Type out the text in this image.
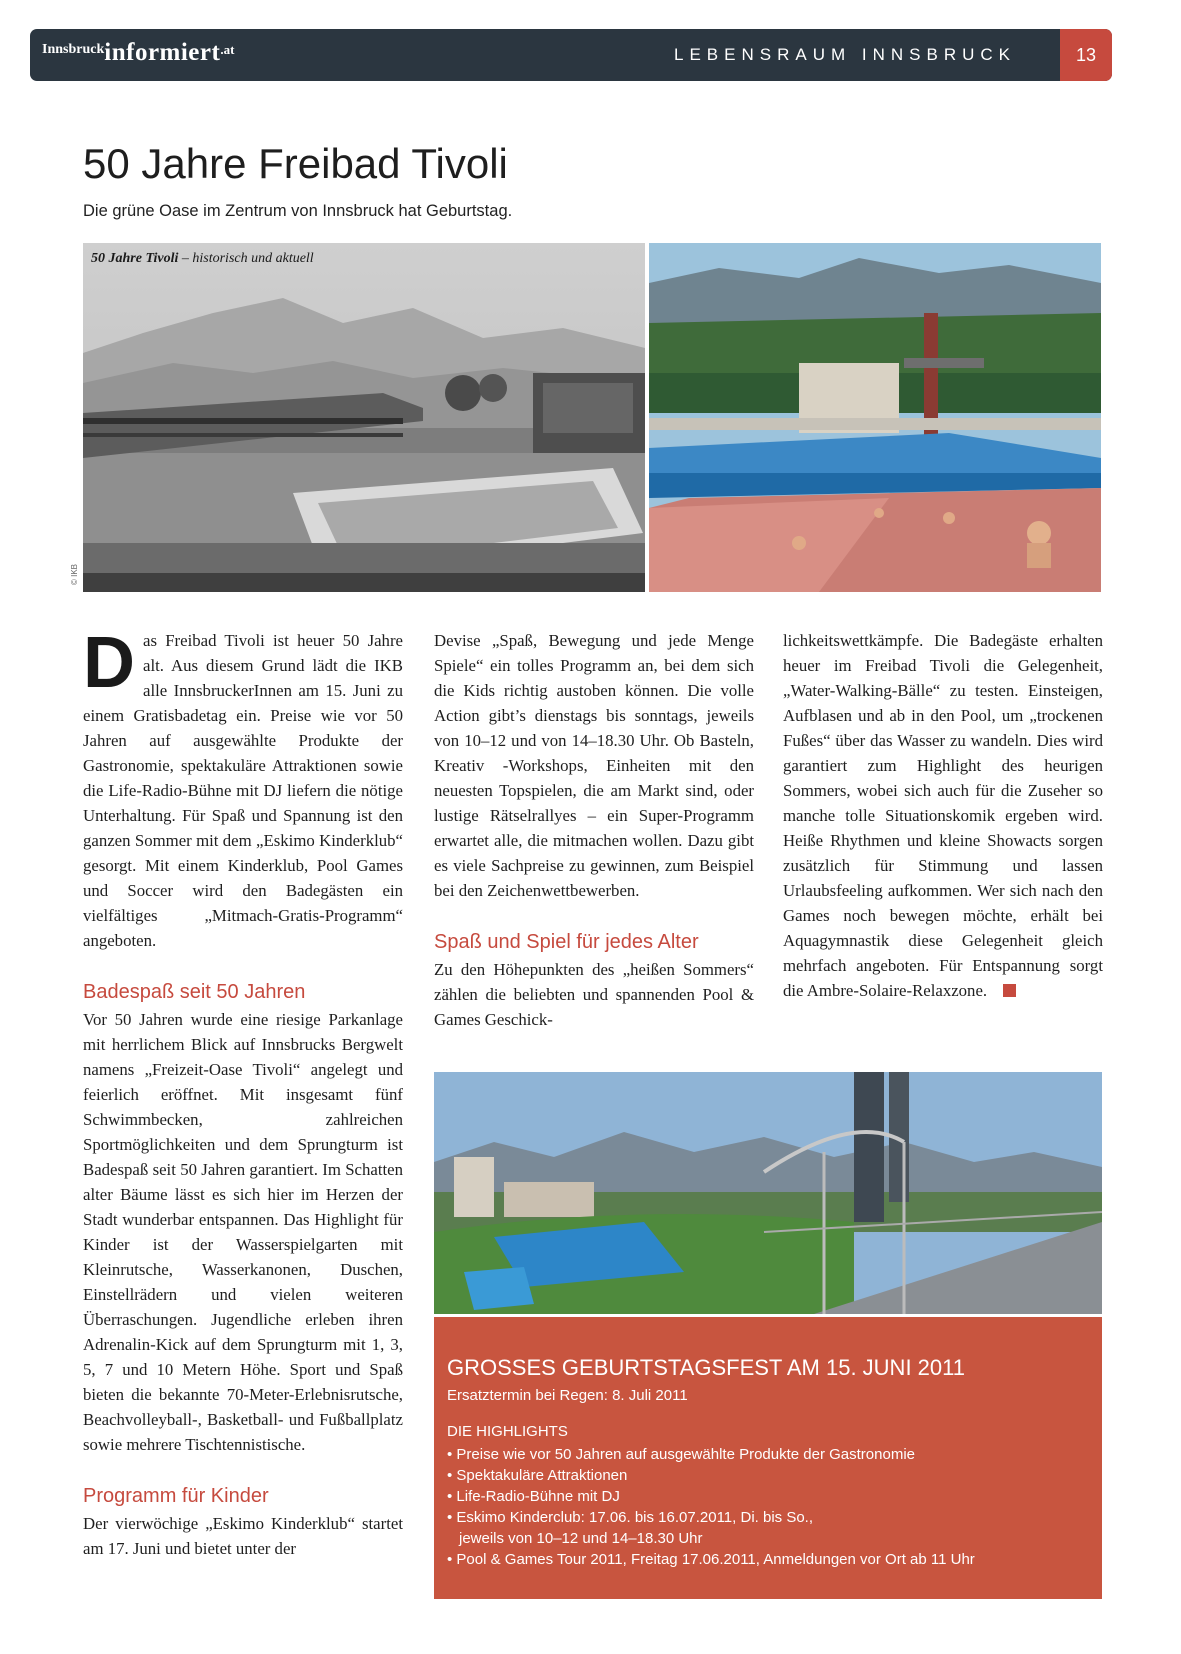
Innsbruckinformiert$^{.at}$	LEBENSRAUM INNSBRUCK	13
50 Jahre Freibad Tivoli

Die grüne Oase im Zentrum von Innsbruck hat Geburtstag.

50 Jahre Tivoli – historisch und aktuell
© IKB

Das Freibad Tivoli ist heuer 50 Jahre alt. Aus diesem Grund lädt die IKB alle InnsbruckerInnen am 15. Juni zu einem Gratisbadetag ein. Preise wie vor 50 Jahren auf ausgewählte Produkte der Gastronomie, spektakuläre Attraktionen sowie die Life-Radio-Bühne mit DJ liefern die nötige Unterhaltung. Für Spaß und Spannung ist den ganzen Sommer mit dem „Eskimo Kinderklub“ gesorgt. Mit einem Kinderklub, Pool Games und Soccer wird den Badegästen ein vielfältiges „Mitmach-Gratis-Programm“ angeboten.

Badespaß seit 50 Jahren

Vor 50 Jahren wurde eine riesige Parkanlage mit herrlichem Blick auf Innsbrucks Bergwelt namens „Freizeit-Oase Tivoli“ angelegt und feierlich eröffnet. Mit insgesamt fünf Schwimmbecken, zahlreichen Sportmöglichkeiten und dem Sprungturm ist Badespaß seit 50 Jahren garantiert. Im Schatten alter Bäume lässt es sich hier im Herzen der Stadt wunderbar entspannen. Das Highlight für Kinder ist der Wasserspielgarten mit Kleinrutsche, Wasserkanonen, Duschen, Einstellrädern und vielen weiteren Überraschungen. Jugendliche erleben ihren Adrenalin-Kick auf dem Sprungturm mit 1, 3, 5, 7 und 10 Metern Höhe. Sport und Spaß bieten die bekannte 70-Meter-Erlebnisrutsche, Beachvolleyball-, Basketball- und Fußballplatz sowie mehrere Tischtennistische.

Programm für Kinder

Der vierwöchige „Eskimo Kinderklub“ startet am 17. Juni und bietet unter der

Devise „Spaß, Bewegung und jede Menge Spiele“ ein tolles Programm an, bei dem sich die Kids richtig austoben können. Die volle Action gibt’s dienstags bis sonntags, jeweils von 10–12 und von 14–18.30 Uhr. Ob Basteln, Kreativ -Workshops, Einheiten mit den neuesten Topspielen, die am Markt sind, oder lustige Rätselrallyes – ein Super-Programm erwartet alle, die mitmachen wollen. Dazu gibt es viele Sachpreise zu gewinnen, zum Beispiel bei den Zeichenwettbewerben.

Spaß und Spiel für jedes Alter

Zu den Höhepunkten des „heißen Sommers“ zählen die beliebten und spannenden Pool & Games Geschick-

lichkeitswettkämpfe. Die Badegäste erhalten heuer im Freibad Tivoli die Gelegenheit, „Water-Walking-Bälle“ zu testen. Einsteigen, Aufblasen und ab in den Pool, um „trockenen Fußes“ über das Wasser zu wandeln. Dies wird garantiert zum Highlight des heurigen Sommers, wobei sich auch für die Zuseher so manche tolle Situationskomik ergeben wird. Heiße Rhythmen und kleine Showacts sorgen zusätzlich für Stimmung und lassen Urlaubsfeeling aufkommen. Wer sich nach den Games noch bewegen möchte, erhält bei Aquagymnastik diese Gelegenheit gleich mehrfach angeboten. Für Entspannung sorgt die Ambre-Solaire-Relaxzone.

GROSSES GEBURTSTAGSFEST AM 15. JUNI 2011
Ersatztermin bei Regen: 8. Juli 2011
DIE HIGHLIGHTS
• Preise wie vor 50 Jahren auf ausgewählte Produkte der Gastronomie
• Spektakuläre Attraktionen
• Life-Radio-Bühne mit DJ
• Eskimo Kinderclub: 17.06. bis 16.07.2011, Di. bis So.,
jeweils von 10–12 und 14–18.30 Uhr
• Pool & Games Tour 2011, Freitag 17.06.2011, Anmeldungen vor Ort ab 11 Uhr
